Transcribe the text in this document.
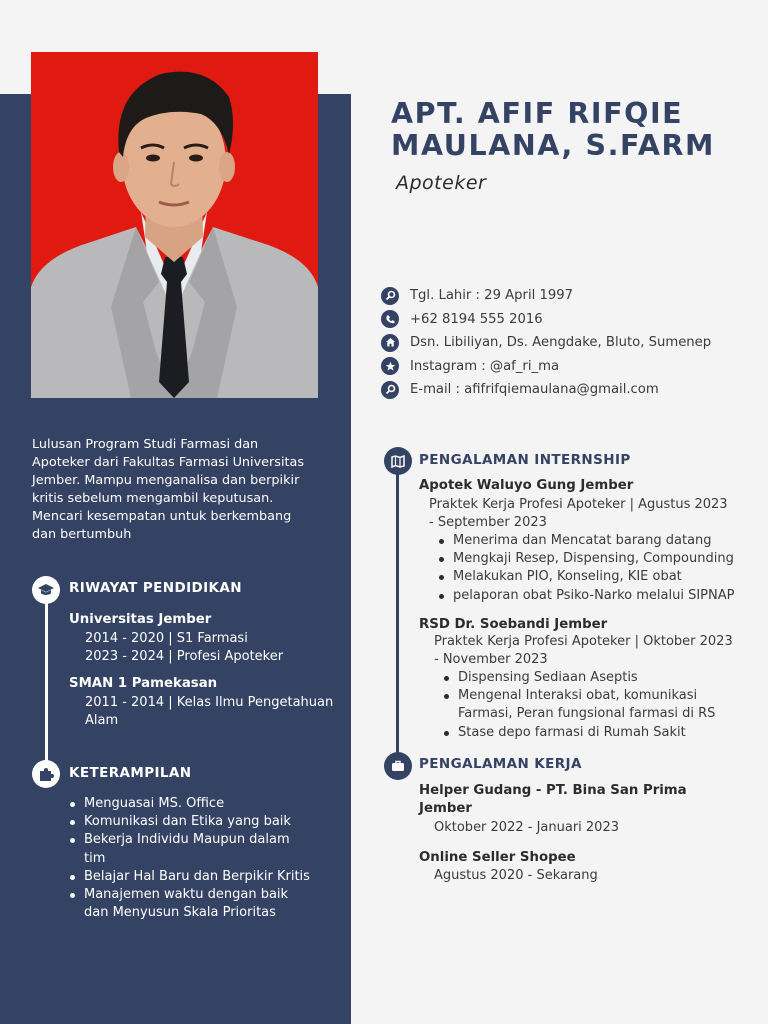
APT. AFIF RIFQIE
MAULANA, S.FARM
Apoteker
Tgl. Lahir : 29 April 1997
+62 8194 555 2016
Dsn. Libiliyan, Ds. Aengdake, Bluto, Sumenep
Instagram : @af_ri_ma
E-mail : afifrifqiemaulana@gmail.com
Lulusan Program Studi Farmasi dan
Apoteker dari Fakultas Farmasi Universitas
Jember. Mampu menganalisa dan berpikir
kritis sebelum mengambil keputusan.
Mencari kesempatan untuk berkembang
dan bertumbuh
RIWAYAT PENDIDIKAN
Universitas Jember
2014 - 2020 | S1 Farmasi
2023 - 2024 | Profesi Apoteker
SMAN 1 Pamekasan
2011 - 2014 | Kelas Ilmu Pengetahuan
Alam
KETERAMPILAN
Menguasai MS. Office
Komunikasi dan Etika yang baik
Bekerja Individu Maupun dalam tim
Belajar Hal Baru dan Berpikir Kritis
Manajemen waktu dengan baik dan Menyusun Skala Prioritas
PENGALAMAN INTERNSHIP
Apotek Waluyo Gung Jember
Praktek Kerja Profesi Apoteker | Agustus 2023
- September 2023
Menerima dan Mencatat barang datang
Mengkaji Resep, Dispensing, Compounding
Melakukan PIO, Konseling, KIE obat
pelaporan obat Psiko-Narko melalui SIPNAP
RSD Dr. Soebandi Jember
Praktek Kerja Profesi Apoteker | Oktober 2023
- November 2023
Dispensing Sediaan Aseptis
Mengenal Interaksi obat, komunikasi Farmasi, Peran fungsional farmasi di RS
Stase depo farmasi di Rumah Sakit
PENGALAMAN KERJA
Helper Gudang - PT. Bina San Prima
Jember
Oktober 2022 - Januari 2023
Online Seller Shopee
Agustus 2020 - Sekarang
